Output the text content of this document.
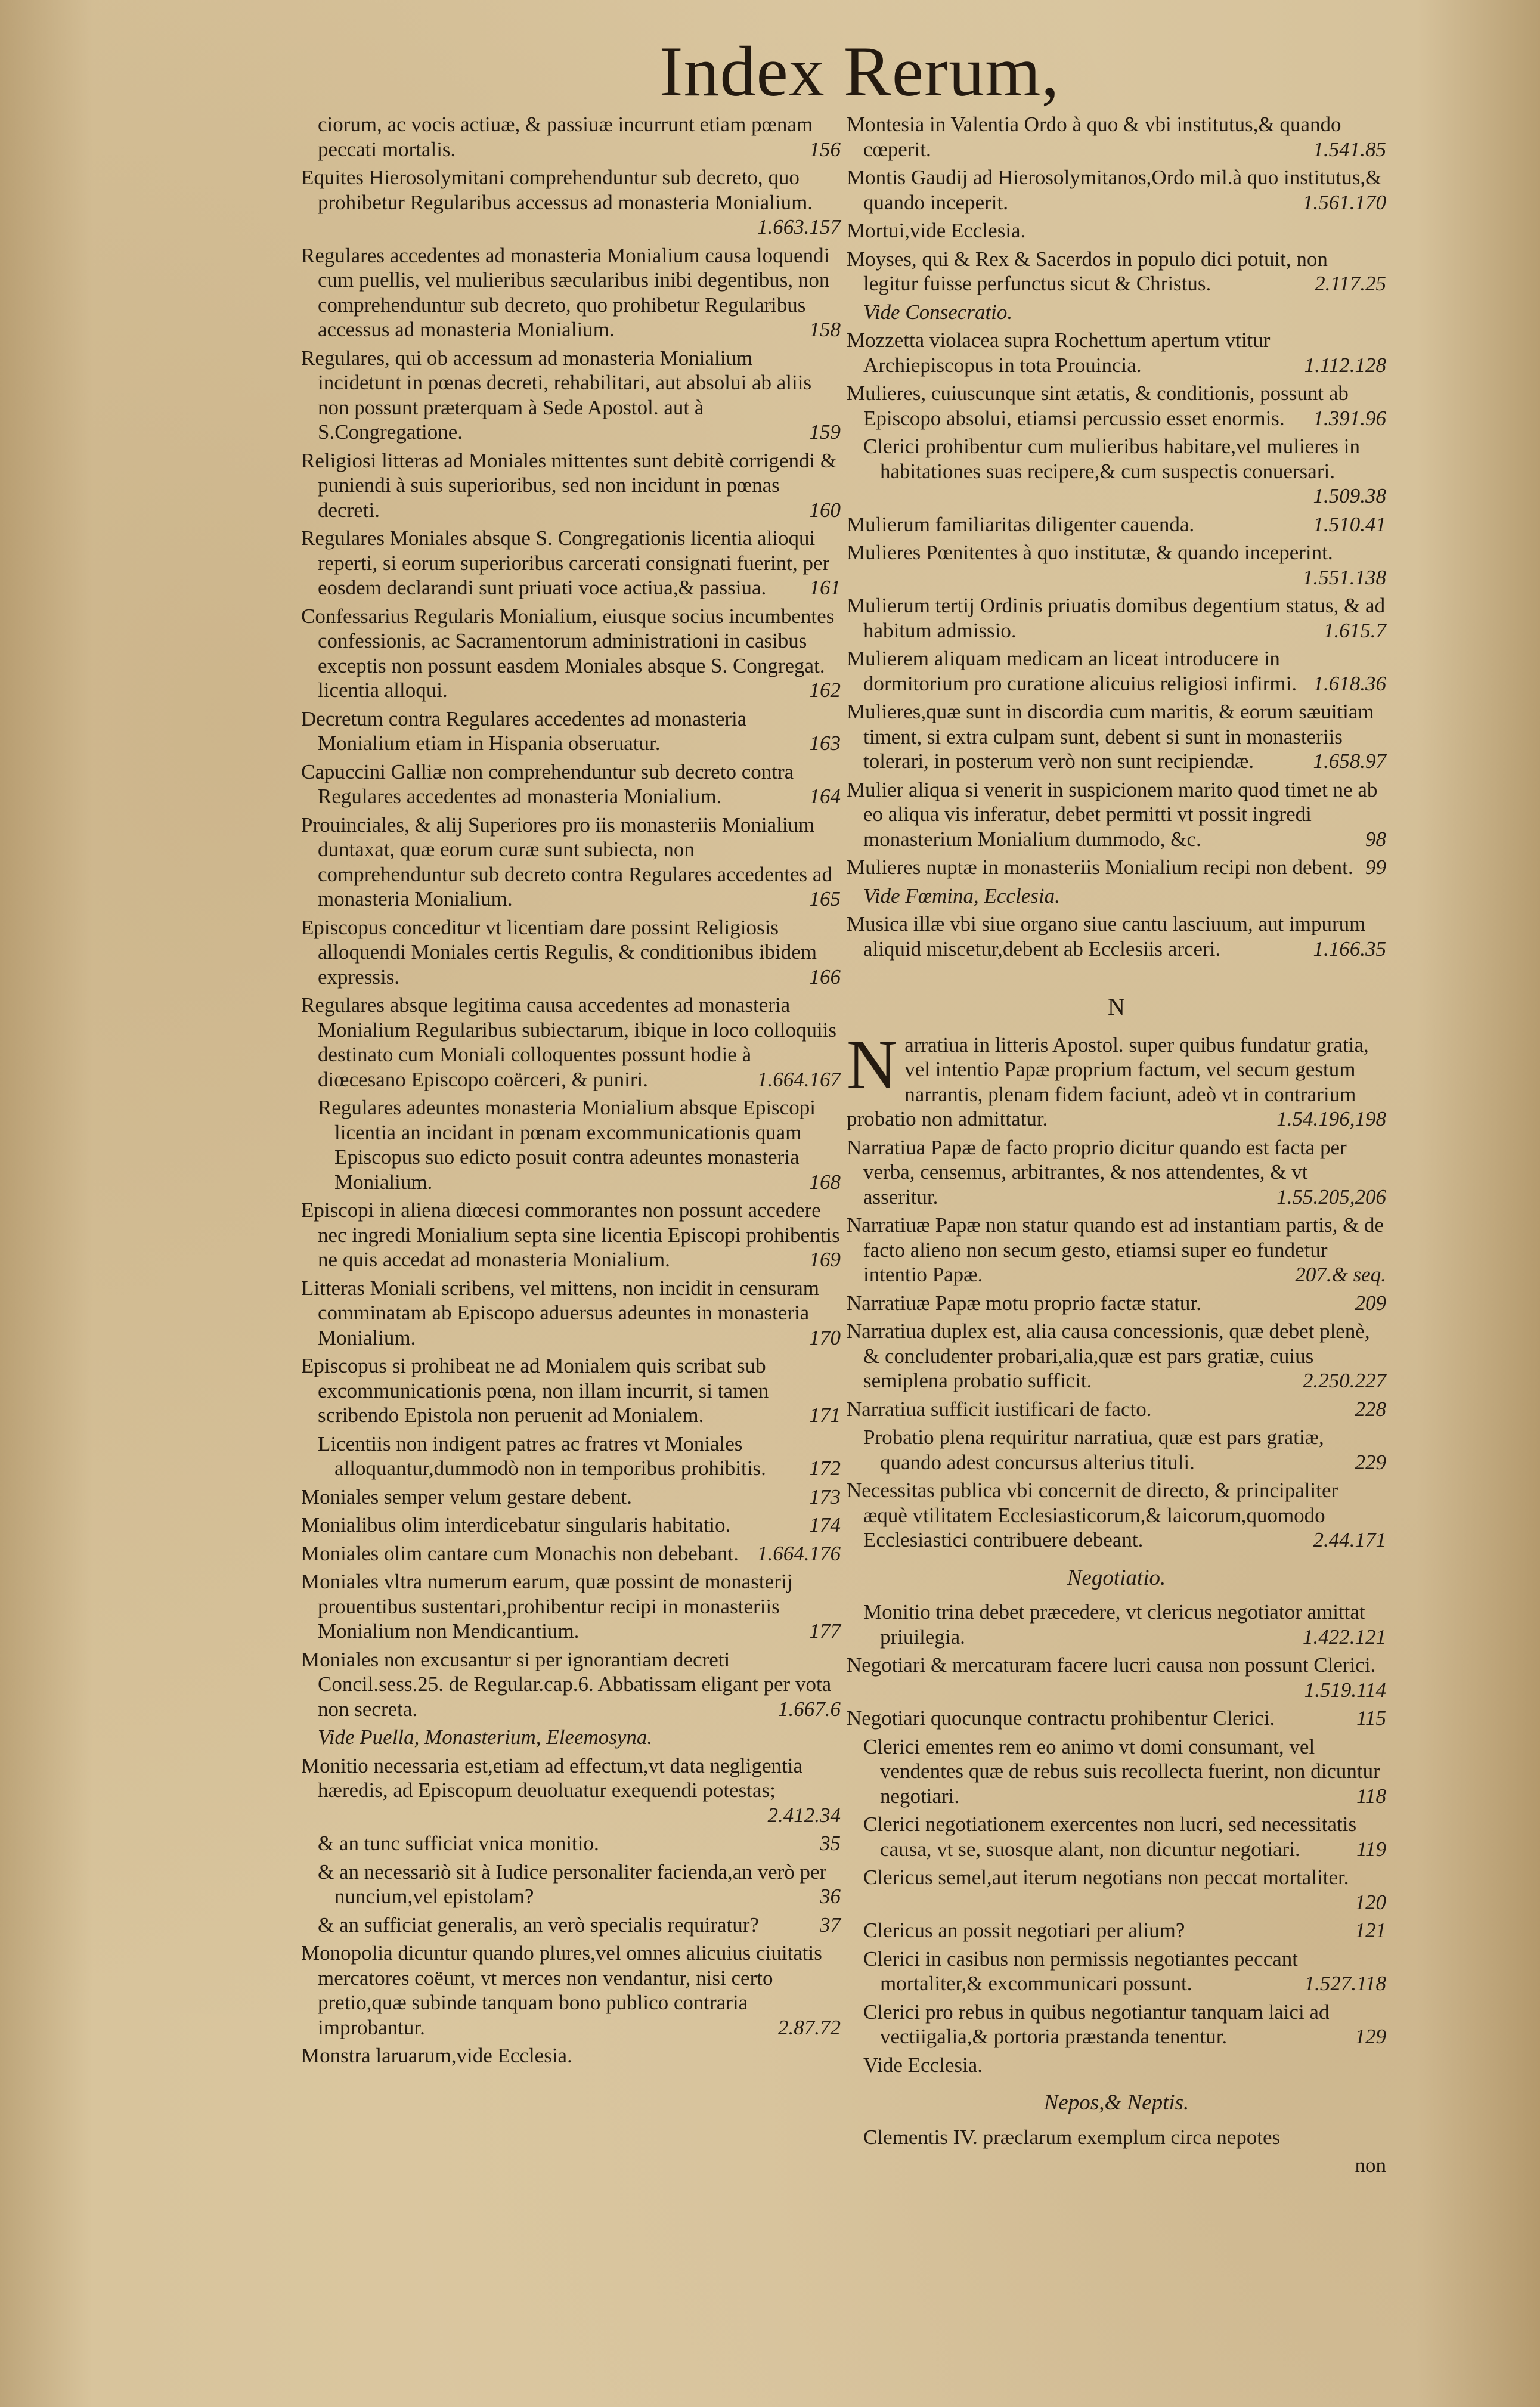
Index Rerum,
ciorum, ac vocis actiuæ, & passiuæ incurrunt etiam pœnam peccati mortalis.	156
Equites Hierosolymitani comprehenduntur sub decreto, quo prohibetur Regularibus accessus ad monasteria Monialium.
1.663.157
Regulares accedentes ad monasteria Monialium causa loquendi cum puellis, vel mulieribus sæcularibus inibi degentibus, non comprehenduntur sub decreto, quo prohibetur Regularibus accessus ad monasteria Monialium.	158
Regulares, qui ob accessum ad monasteria Monialium incidetunt in pœnas decreti, rehabilitari, aut absolui ab aliis non possunt præterquam à Sede Apostol. aut à S.Congregatione.	159
Religiosi litteras ad Moniales mittentes sunt debitè corrigendi & puniendi à suis superioribus, sed non incidunt in pœnas decreti.	160
Regulares Moniales absque S. Congregationis licentia alioqui reperti, si eorum superioribus carcerati consignati fuerint, per eosdem declarandi sunt priuati voce actiua,& passiua. 161
Confessarius Regularis Monialium, eiusque socius incumbentes confessionis, ac Sacramentorum administrationi in casibus exceptis non possunt easdem Moniales absque S. Congregat. licentia alloqui.	162
Decretum contra Regulares accedentes ad monasteria Monialium etiam in Hispania obseruatur.	163
Capuccini Galliæ non comprehenduntur sub decreto contra Regulares accedentes ad monasteria Monialium.	164
Prouinciales, & alij Superiores pro iis monasteriis Monialium duntaxat, quæ eorum curæ sunt subiecta, non comprehenduntur sub decreto contra Regulares accedentes ad monasteria Monialium.	165
Episcopus conceditur vt licentiam dare possint Religiosis alloquendi Moniales certis Regulis, & conditionibus ibidem expressis.	166
Regulares absque legitima causa accedentes ad monasteria Monialium Regularibus subiectarum, ibique in loco colloquiis destinato cum Moniali colloquentes possunt hodie à diœcesano Episcopo coërceri, & puniri.	1.664.167
Regulares adeuntes monasteria Monialium absque Episcopi licentia an incidant in pœnam excommunicationis quam Episcopus suo edicto posuit contra adeuntes monasteria Monialium.	168
Episcopi in aliena diœcesi commorantes non possunt accedere nec ingredi Monialium septa sine licentia Episcopi prohibentis ne quis accedat ad monasteria Monialium.	169
Litteras Moniali scribens, vel mittens, non incidit in censuram comminatam ab Episcopo aduersus adeuntes in monasteria Monialium.	170
Episcopus si prohibeat ne ad Monialem quis scribat sub excommunicationis pœna, non illam incurrit, si tamen scribendo Epistola non peruenit ad Monialem.	171
Licentiis non indigent patres ac fratres vt Moniales alloquantur,dummodò non in temporibus prohibitis. 172
Moniales semper velum gestare debent.	173
Monialibus olim interdicebatur singularis habitatio.	174
Moniales olim cantare cum Monachis non debebant. 1.664.176
Moniales vltra numerum earum, quæ possint de monasterij prouentibus sustentari,prohibentur recipi in monasteriis Monialium non Mendicantium.	177
Moniales non excusantur si per ignorantiam decreti Concil.sess.25. de Regular.cap.6. Abbatissam eligant per vota non secreta.	1.667.6
Vide Puella, Monasterium, Eleemosyna.
Monitio necessaria est,etiam ad effectum,vt data negligentia hæredis, ad Episcopum deuoluatur exequendi potestas;
2.412.34
& an tunc sufficiat vnica monitio.	35
& an necessariò sit à Iudice personaliter facienda,an verò per nuncium,vel epistolam?	36
& an sufficiat generalis, an verò specialis requiratur?	37
Monopolia dicuntur quando plures,vel omnes alicuius ciuitatis mercatores coëunt, vt merces non vendantur, nisi certo pretio,quæ subinde tanquam bono publico contraria improbantur.	2.87.72
Monstra laruarum,vide Ecclesia.
Montesia in Valentia Ordo à quo & vbi institutus,& quando cœperit.	1.541.85
Montis Gaudij ad Hierosolymitanos,Ordo mil.à quo institutus,& quando inceperit.	1.561.170
Mortui,vide Ecclesia.
Moyses, qui & Rex & Sacerdos in populo dici potuit, non legitur fuisse perfunctus sicut & Christus.	2.117.25
Vide Consecratio.
Mozzetta violacea supra Rochettum apertum vtitur Archiepiscopus in tota Prouincia.	1.112.128
Mulieres, cuiuscunque sint ætatis, & conditionis, possunt ab Episcopo absolui, etiamsi percussio esset enormis. 1.391.96
Clerici prohibentur cum mulieribus habitare,vel mulieres in habitationes suas recipere,& cum suspectis conuersari.
1.509.38
Mulierum familiaritas diligenter cauenda.	1.510.41
Mulieres Pœnitentes à quo institutæ, & quando inceperint.
1.551.138
Mulierum tertij Ordinis priuatis domibus degentium status, & ad habitum admissio.	1.615.7
Mulierem aliquam medicam an liceat introducere in dormitorium pro curatione alicuius religiosi infirmi. 1.618.36
Mulieres,quæ sunt in discordia cum maritis, & eorum sæuitiam timent, si extra culpam sunt, debent si sunt in monasteriis tolerari, in posterum verò non sunt recipiendæ.	1.658.97
Mulier aliqua si venerit in suspicionem marito quod timet ne ab eo aliqua vis inferatur, debet permitti vt possit ingredi monasterium Monialium dummodo, &c.	98
Mulieres nuptæ in monasteriis Monialium recipi non debent. 99
Vide Fœmina, Ecclesia.
Musica illæ vbi siue organo siue cantu lasciuum, aut impurum aliquid miscetur,debent ab Ecclesiis arceri.	1.166.35
N
Narratiua in litteris Apostol. super quibus fundatur gratia, vel intentio Papæ proprium factum, vel secum gestum narrantis, plenam fidem faciunt, adeò vt in contrarium probatio non admittatur.	1.54.196,198
Narratiua Papæ de facto proprio dicitur quando est facta per verba, censemus, arbitrantes, & nos attendentes, & vt asseritur.	1.55.205,206
Narratiuæ Papæ non statur quando est ad instantiam partis, & de facto alieno non secum gesto, etiamsi super eo fundetur intentio Papæ.	207.& seq.
Narratiuæ Papæ motu proprio factæ statur.	209
Narratiua duplex est, alia causa concessionis, quæ debet plenè, & concludenter probari,alia,quæ est pars gratiæ, cuius semiplena probatio sufficit.	2.250.227
Narratiua sufficit iustificari de facto.	228
Probatio plena requiritur narratiua, quæ est pars gratiæ, quando adest concursus alterius tituli.	229
Necessitas publica vbi concernit de directo, & principaliter æquè vtilitatem Ecclesiasticorum,& laicorum,quomodo Ecclesiastici contribuere debeant.	2.44.171
Negotiatio.
Monitio trina debet præcedere, vt clericus negotiator amittat priuilegia.	1.422.121
Negotiari & mercaturam facere lucri causa non possunt Clerici.
1.519.114
Negotiari quocunque contractu prohibentur Clerici.	115
Clerici ementes rem eo animo vt domi consumant, vel vendentes quæ de rebus suis recollecta fuerint, non dicuntur negotiari.	118
Clerici negotiationem exercentes non lucri, sed necessitatis causa, vt se, suosque alant, non dicuntur negotiari.	119
Clericus semel,aut iterum negotians non peccat mortaliter.
120
Clericus an possit negotiari per alium?	121
Clerici in casibus non permissis negotiantes peccant mortaliter,& excommunicari possunt.	1.527.118
Clerici pro rebus in quibus negotiantur tanquam laici ad vectiigalia,& portoria præstanda tenentur.	129
Vide Ecclesia.
Nepos,& Neptis.
Clementis IV. præclarum exemplum circa nepotes
non
